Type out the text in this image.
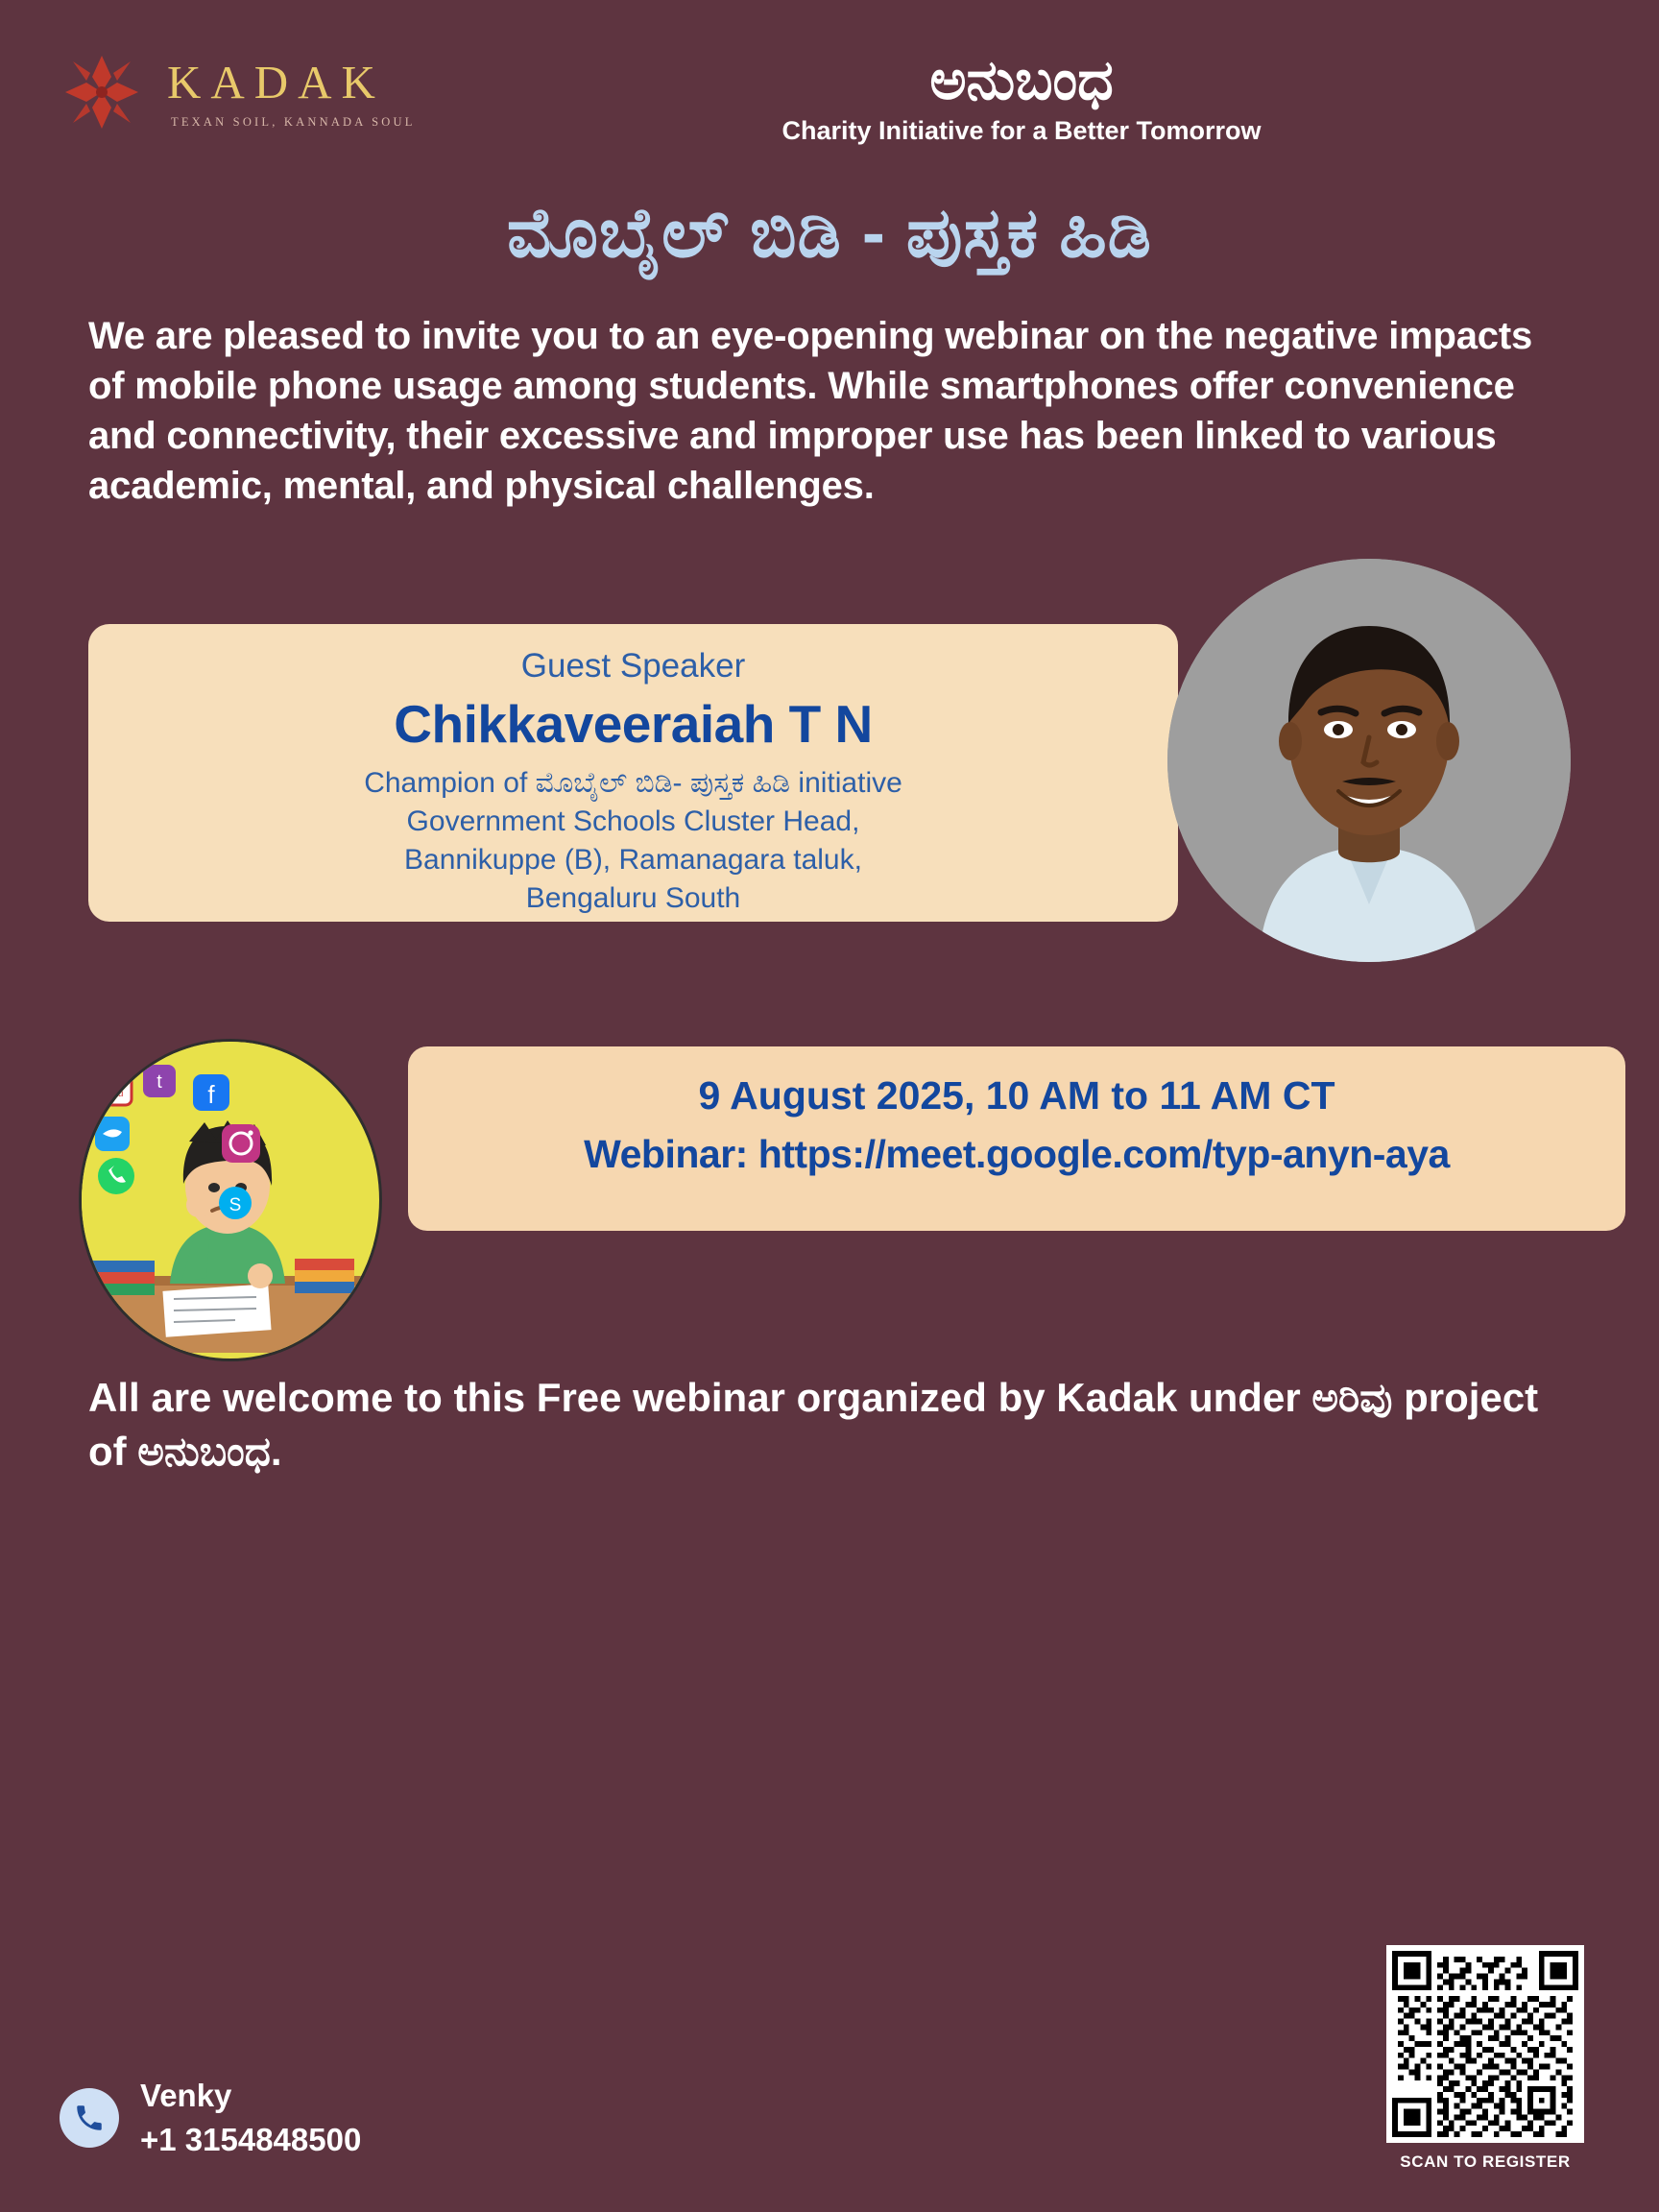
KADAK
TEXAN SOIL, KANNADA SOUL
ಅನುಬಂಧ
Charity Initiative for a Better Tomorrow
ಮೊಬೈಲ್ ಬಿಡಿ - ಪುಸ್ತಕ ಹಿಡಿ
We are pleased to invite you to an eye-opening webinar on the negative impacts of mobile phone usage among students. While smartphones offer convenience and connectivity, their excessive and improper use has been linked to various academic, mental, and physical challenges.
Guest Speaker
Chikkaveeraiah T N
Champion of ಮೊಬೈಲ್ ಬಿಡಿ- ಪುಸ್ತಕ ಹಿಡಿ initiative
Government Schools Cluster Head,
Bannikuppe (B), Ramanagara taluk,
Bengaluru South
You
t f
S
9 August 2025, 10 AM to 11 AM CT
Webinar: https://meet.google.com/typ-anyn-aya
All are welcome to this Free webinar organized by Kadak under ಅರಿವು project of ಅನುಬಂಧ.
Venky
+1 3154848500
SCAN TO REGISTER
